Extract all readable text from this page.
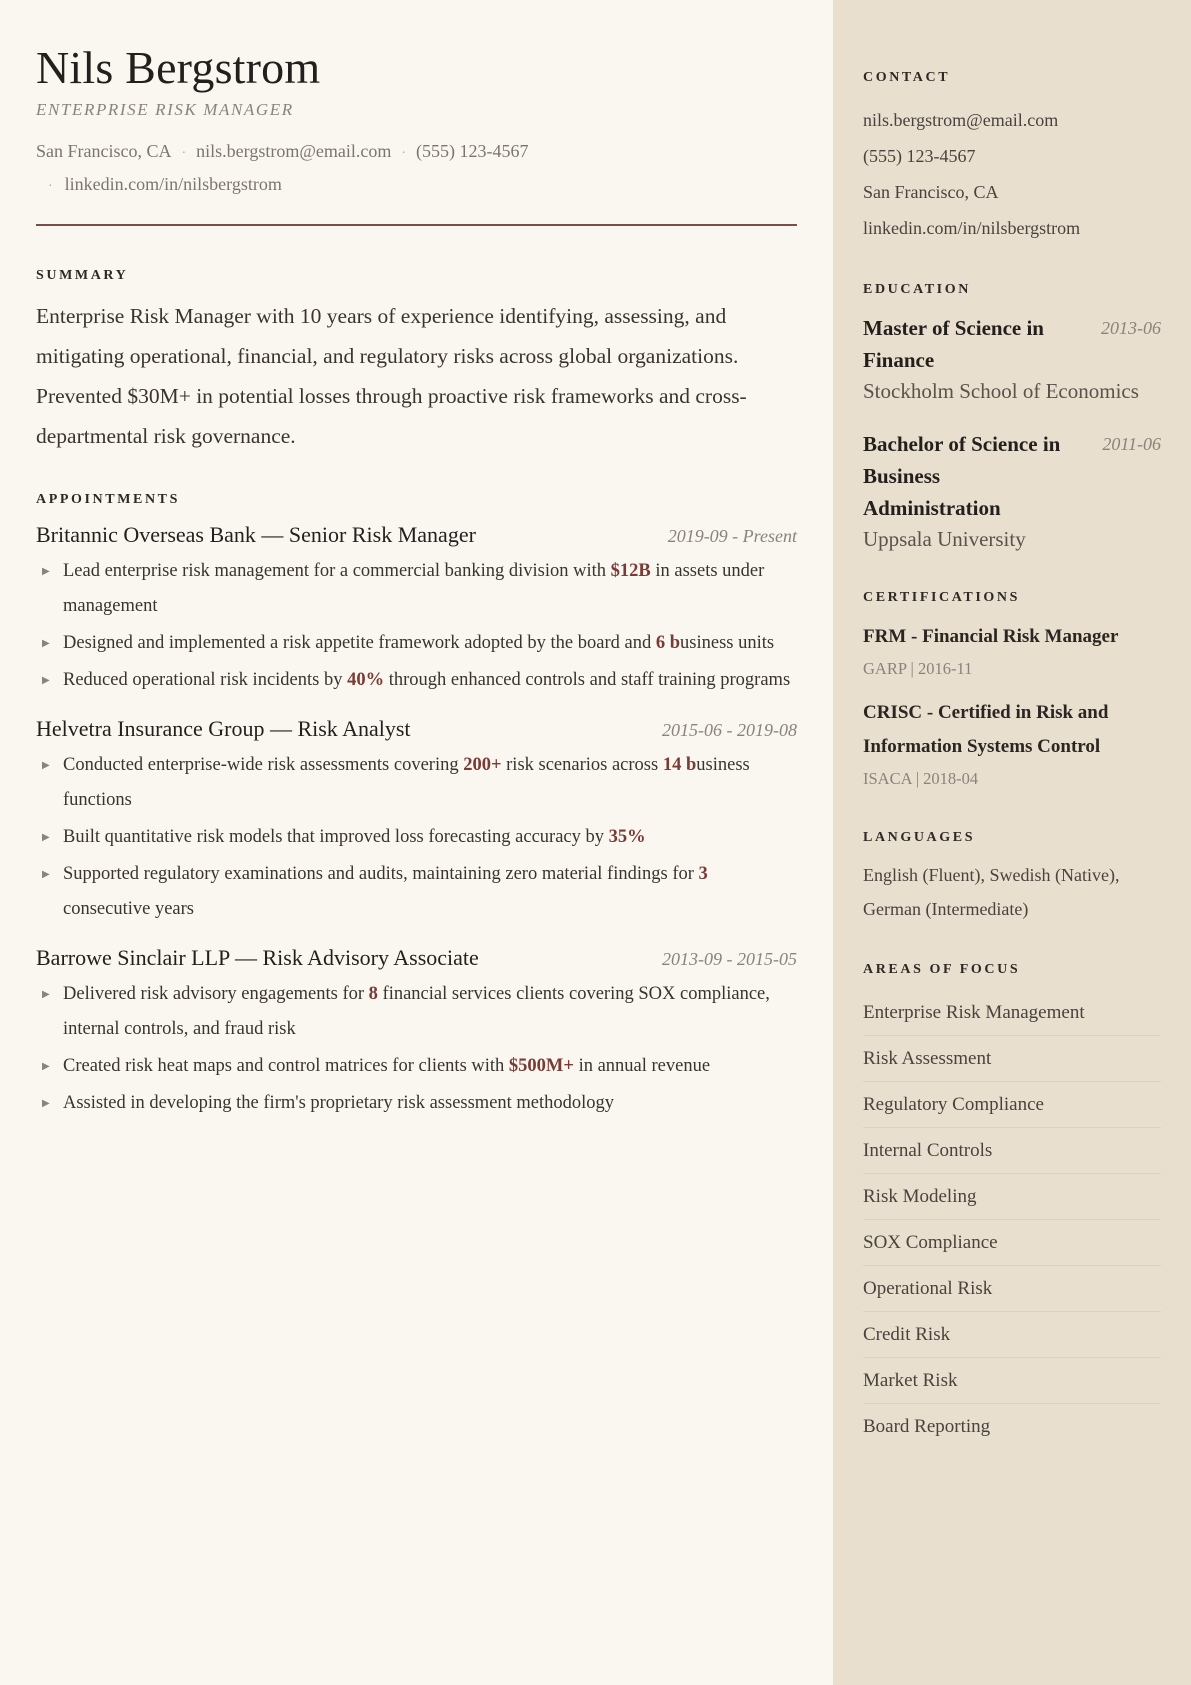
Nils Bergstrom
ENTERPRISE RISK MANAGER
San Francisco, CA · nils.bergstrom@email.com · (555) 123-4567
· linkedin.com/in/nilsbergstrom
SUMMARY
Enterprise Risk Manager with 10 years of experience identifying, assessing, and mitigating operational, financial, and regulatory risks across global organizations. Prevented $30M+ in potential losses through proactive risk frameworks and cross-departmental risk governance.
APPOINTMENTS
Britannic Overseas Bank — Senior Risk Manager	2019-09 - Present
▶ Lead enterprise risk management for a commercial banking division with $12B in assets under management
▶ Designed and implemented a risk appetite framework adopted by the board and 6 business units
▶ Reduced operational risk incidents by 40% through enhanced controls and staff training programs
Helvetra Insurance Group — Risk Analyst	2015-06 - 2019-08
▶ Conducted enterprise-wide risk assessments covering 200+ risk scenarios across 14 business functions
▶ Built quantitative risk models that improved loss forecasting accuracy by 35%
▶ Supported regulatory examinations and audits, maintaining zero material findings for 3 consecutive years
Barrowe Sinclair LLP — Risk Advisory Associate	2013-09 - 2015-05
▶ Delivered risk advisory engagements for 8 financial services clients covering SOX compliance, internal controls, and fraud risk
▶ Created risk heat maps and control matrices for clients with $500M+ in annual revenue
▶ Assisted in developing the firm's proprietary risk assessment methodology
CONTACT
nils.bergstrom@email.com
(555) 123-4567
San Francisco, CA
linkedin.com/in/nilsbergstrom
EDUCATION
Master of Science in Finance
2013-06
Stockholm School of Economics
Bachelor of Science in Business Administration
2011-06
Uppsala University
CERTIFICATIONS
FRM - Financial Risk Manager
GARP | 2016-11
CRISC - Certified in Risk and Information Systems Control
ISACA | 2018-04
LANGUAGES
English (Fluent), Swedish (Native), German (Intermediate)
AREAS OF FOCUS
Enterprise Risk Management
Risk Assessment
Regulatory Compliance
Internal Controls
Risk Modeling
SOX Compliance
Operational Risk
Credit Risk
Market Risk
Board Reporting
